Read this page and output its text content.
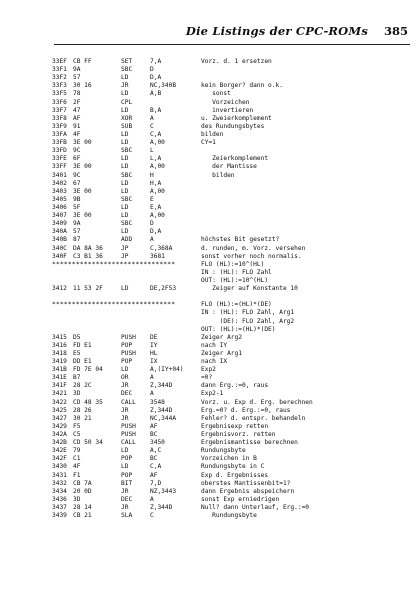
Die Listings der CPC-ROMs 385
33EF CB FF	SET	7,A	Vorz. d. 1 ersetzen
33F1 9A	SBC	D
33F2 57	LD	D,A
33F3 30 16	JR	NC,340B	kein Borger? dann o.k.
33F5 78	LD	A,B	sonst
33F6 2F	CPL	Vorzeichen
33F7 47	LD	B,A	invertieren
33F8 AF	XOR	A	u. Zweierkomplement
33F9 91	SUB	C	des Rundungsbytes
33FA 4F	LD	C,A	bilden
33FB 3E 00	LD	A,00	CY=1
33FD 9C	SBC	L
33FE 6F	LD	L,A	Zeierkomplement
33FF 3E 00	LD	A,00	der Mantisse
3401 9C	SBC	H	bilden
3402 67	LD	H,A
3403 3E 00	LD	A,00
3405 9B	SBC	E
3406 5F	LD	E,A
3407 3E 00	LD	A,00
3409 9A	SBC	D
340A 57	LD	D,A
340B 87	ADD	A	höchstes Bit gesetzt?
340C DA 8A 36	JP	C,368A	d. runden, m. Vorz. versehen
340F C3 B1 36	JP	3681	sonst vorher noch normalis.
*******************************	FLO (HL):=10^(HL)
IN : (HL): FLO Zahl
OUT: (HL):=10^(HL)
3412 11 53 2F	LD	DE,2F53	Zeiger auf Konstante 10
*******************************	FLO (HL):=(HL)*(DE)
IN : (HL): FLO Zahl, Arg1
(DE): FLO Zahl, Arg2
OUT: (HL):=(HL)*(DE)
3415 D5	PUSH DE	Zeiger Arg2
3416 FD E1	POP	IY	nach IY
3418 E5	PUSH HL	Zeiger Arg1
3419 DD E1	POP	IX	nach IX
341B FD 7E 04	LD	A,(IY+04)	Exp2
341E B7	OR	A	=0?
341F 28 2C	JR	Z,344D	dann Erg.:=0, raus
3421 3D	DEC	A	Exp2-1
3422 CD 48 35	CALL 3548	Vorz. u. Exp d. Erg. berechnen
3425 28 26	JR	Z,344D	Erg.=0? d. Erg.:=0, raus
3427 30 21	JR	NC,344A	Fehler? d. entspr. behandeln
3429 F5	PUSH AF	Ergebnisexp retten
342A C5	PUSH BC	Ergebnisvorz. retten
342B CD 50 34	CALL 3450	Ergebnismantisse berechnen
342E 79	LD	A,C	Rundungsbyte
342F C1	POP	BC	Vorzeichen in B
3430 4F	LD	C,A	Rundungsbyte in C
3431 F1	POP	AF	Exp d. Ergebnisses
3432 CB 7A	BIT	7,D	oberstes Mantissenbit=1?
3434 20 0D	JR	NZ,3443	dann Ergebnis abspeichern
3436 3D	DEC	A	sonst Exp erniedrigen
3437 28 14	JR	Z,344D	Null? dann Unterlauf, Erg.:=0
3439 CB 21	SLA	C	Rundungsbyte
